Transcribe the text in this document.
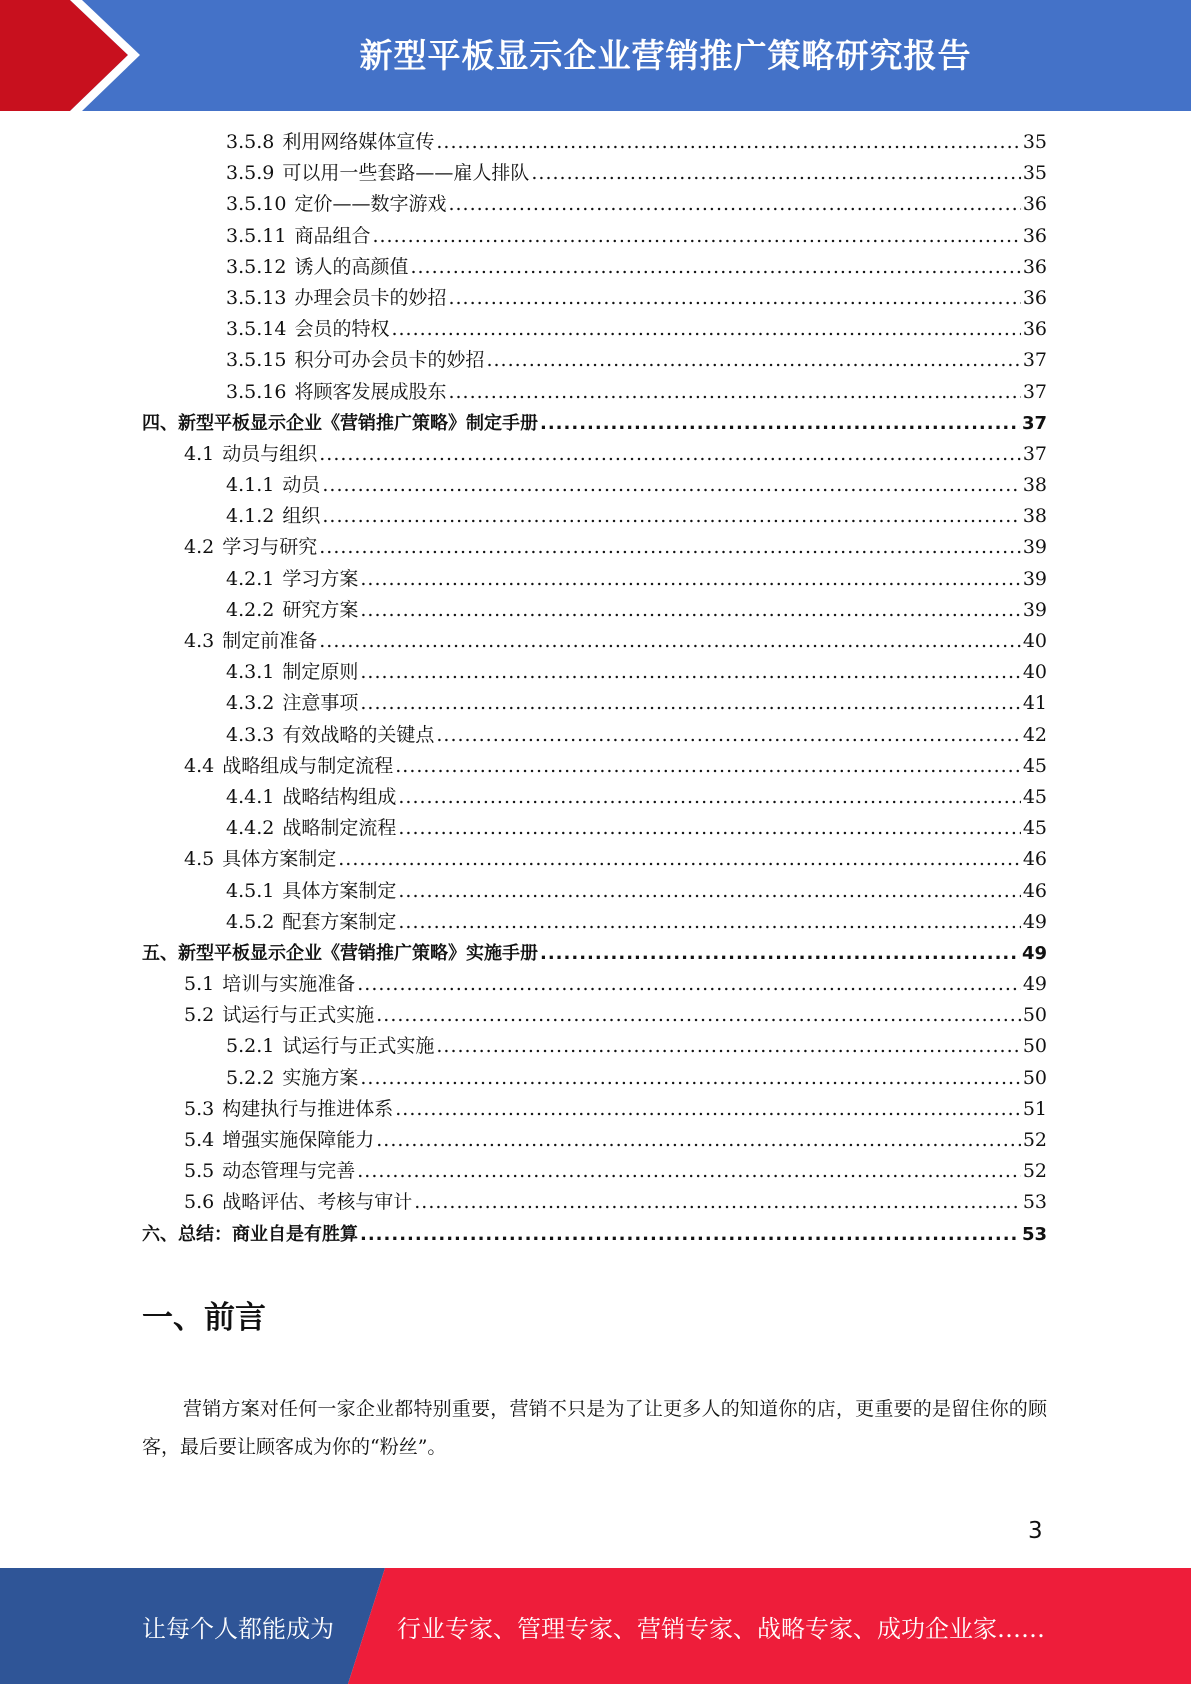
新型平板显示企业营销推广策略研究报告
3.5.8 利用网络媒体宣传 .....	35
3.5.9 可以用一些套路——雇人排队 .....	35
3.5.10 定价——数字游戏 .....	36
3.5.11 商品组合 .....	36
3.5.12 诱人的高颜值 .....	36
3.5.13 办理会员卡的妙招 .....	36
3.5.14 会员的特权 .....	36
3.5.15 积分可办会员卡的妙招 .....	37
3.5.16 将顾客发展成股东 .....	37
四、新型平板显示企业《营销推广策略》制定手册 .....	37
4.1 动员与组织 .....	37
4.1.1 动员 .....	38
4.1.2 组织 .....	38
4.2 学习与研究 .....	39
4.2.1 学习方案 .....	39
4.2.2 研究方案 .....	39
4.3 制定前准备 .....	40
4.3.1 制定原则 .....	40
4.3.2 注意事项 .....	41
4.3.3 有效战略的关键点 .....	42
4.4 战略组成与制定流程 .....	45
4.4.1 战略结构组成 .....	45
4.4.2 战略制定流程 .....	45
4.5 具体方案制定 .....	46
4.5.1 具体方案制定 .....	46
4.5.2 配套方案制定 .....	49
五、新型平板显示企业《营销推广策略》实施手册 .....	49
5.1 培训与实施准备 .....	49
5.2 试运行与正式实施 .....	50
5.2.1 试运行与正式实施 .....	50
5.2.2 实施方案 .....	50
5.3 构建执行与推进体系 .....	51
5.4 增强实施保障能力 .....	52
5.5 动态管理与完善 .....	52
5.6 战略评估、考核与审计 .....	53
六、总结：商业自是有胜算 .....	53
一、前言
营销方案对任何一家企业都特别重要，营销不只是为了让更多人的知道你的店，更重要的是留住你的顾客，最后要让顾客成为你的“粉丝”。
3
让每个人都能成为	行业专家、管理专家、营销专家、战略专家、成功企业家……
